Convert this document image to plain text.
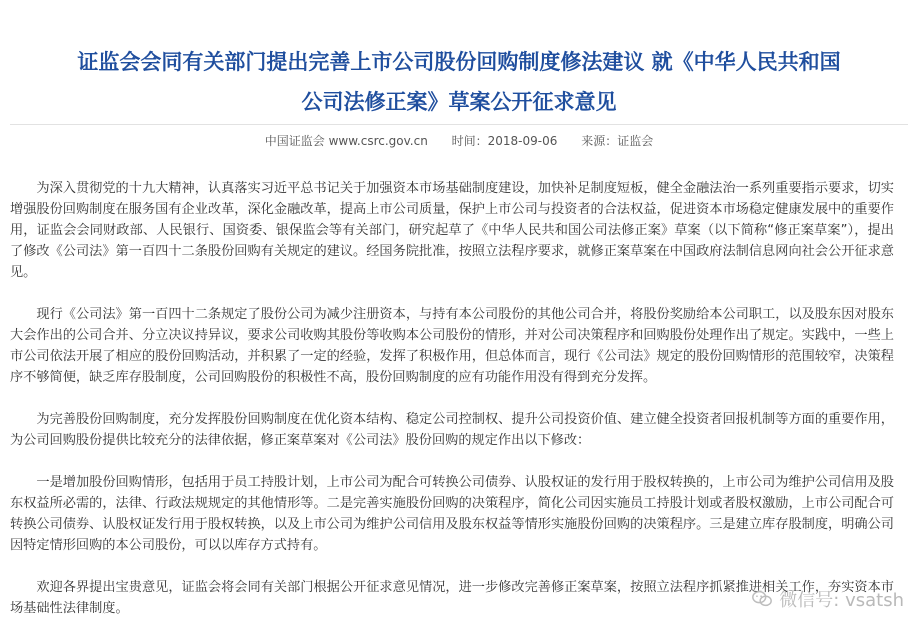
证监会会同有关部门提出完善上市公司股份回购制度修法建议 就《中华人民共和国
公司法修正案》草案公开征求意见
中国证监会 www.csrc.gov.cn 时间：2018-09-06 来源：证监会

为深入贯彻党的十九大精神，认真落实习近平总书记关于加强资本市场基础制度建设，加快补足制度短板，健全金融法治一系列重要指示要求，切实增强股份回购制度在服务国有企业改革，深化金融改革，提高上市公司质量，保护上市公司与投资者的合法权益，促进资本市场稳定健康发展中的重要作用，证监会会同财政部、人民银行、国资委、银保监会等有关部门，研究起草了《中华人民共和国公司法修正案》草案（以下简称“修正案草案”），提出了修改《公司法》第一百四十二条股份回购有关规定的建议。经国务院批准，按照立法程序要求，就修正案草案在中国政府法制信息网向社会公开征求意见。

现行《公司法》第一百四十二条规定了股份公司为减少注册资本，与持有本公司股份的其他公司合并，将股份奖励给本公司职工，以及股东因对股东大会作出的公司合并、分立决议持异议，要求公司收购其股份等收购本公司股份的情形，并对公司决策程序和回购股份处理作出了规定。实践中，一些上市公司依法开展了相应的股份回购活动，并积累了一定的经验，发挥了积极作用，但总体而言，现行《公司法》规定的股份回购情形的范围较窄，决策程序不够简便，缺乏库存股制度，公司回购股份的积极性不高，股份回购制度的应有功能作用没有得到充分发挥。

为完善股份回购制度，充分发挥股份回购制度在优化资本结构、稳定公司控制权、提升公司投资价值、建立健全投资者回报机制等方面的重要作用，为公司回购股份提供比较充分的法律依据，修正案草案对《公司法》股份回购的规定作出以下修改：

一是增加股份回购情形，包括用于员工持股计划，上市公司为配合可转换公司债券、认股权证的发行用于股权转换的，上市公司为维护公司信用及股东权益所必需的，法律、行政法规规定的其他情形等。二是完善实施股份回购的决策程序，简化公司因实施员工持股计划或者股权激励，上市公司配合可转换公司债券、认股权证发行用于股权转换，以及上市公司为维护公司信用及股东权益等情形实施股份回购的决策程序。三是建立库存股制度，明确公司因特定情形回购的本公司股份，可以以库存方式持有。

欢迎各界提出宝贵意见，证监会将会同有关部门根据公开征求意见情况，进一步修改完善修正案草案，按照立法程序抓紧推进相关工作，夯实资本市场基础性法律制度。	微信号: vsatsh
